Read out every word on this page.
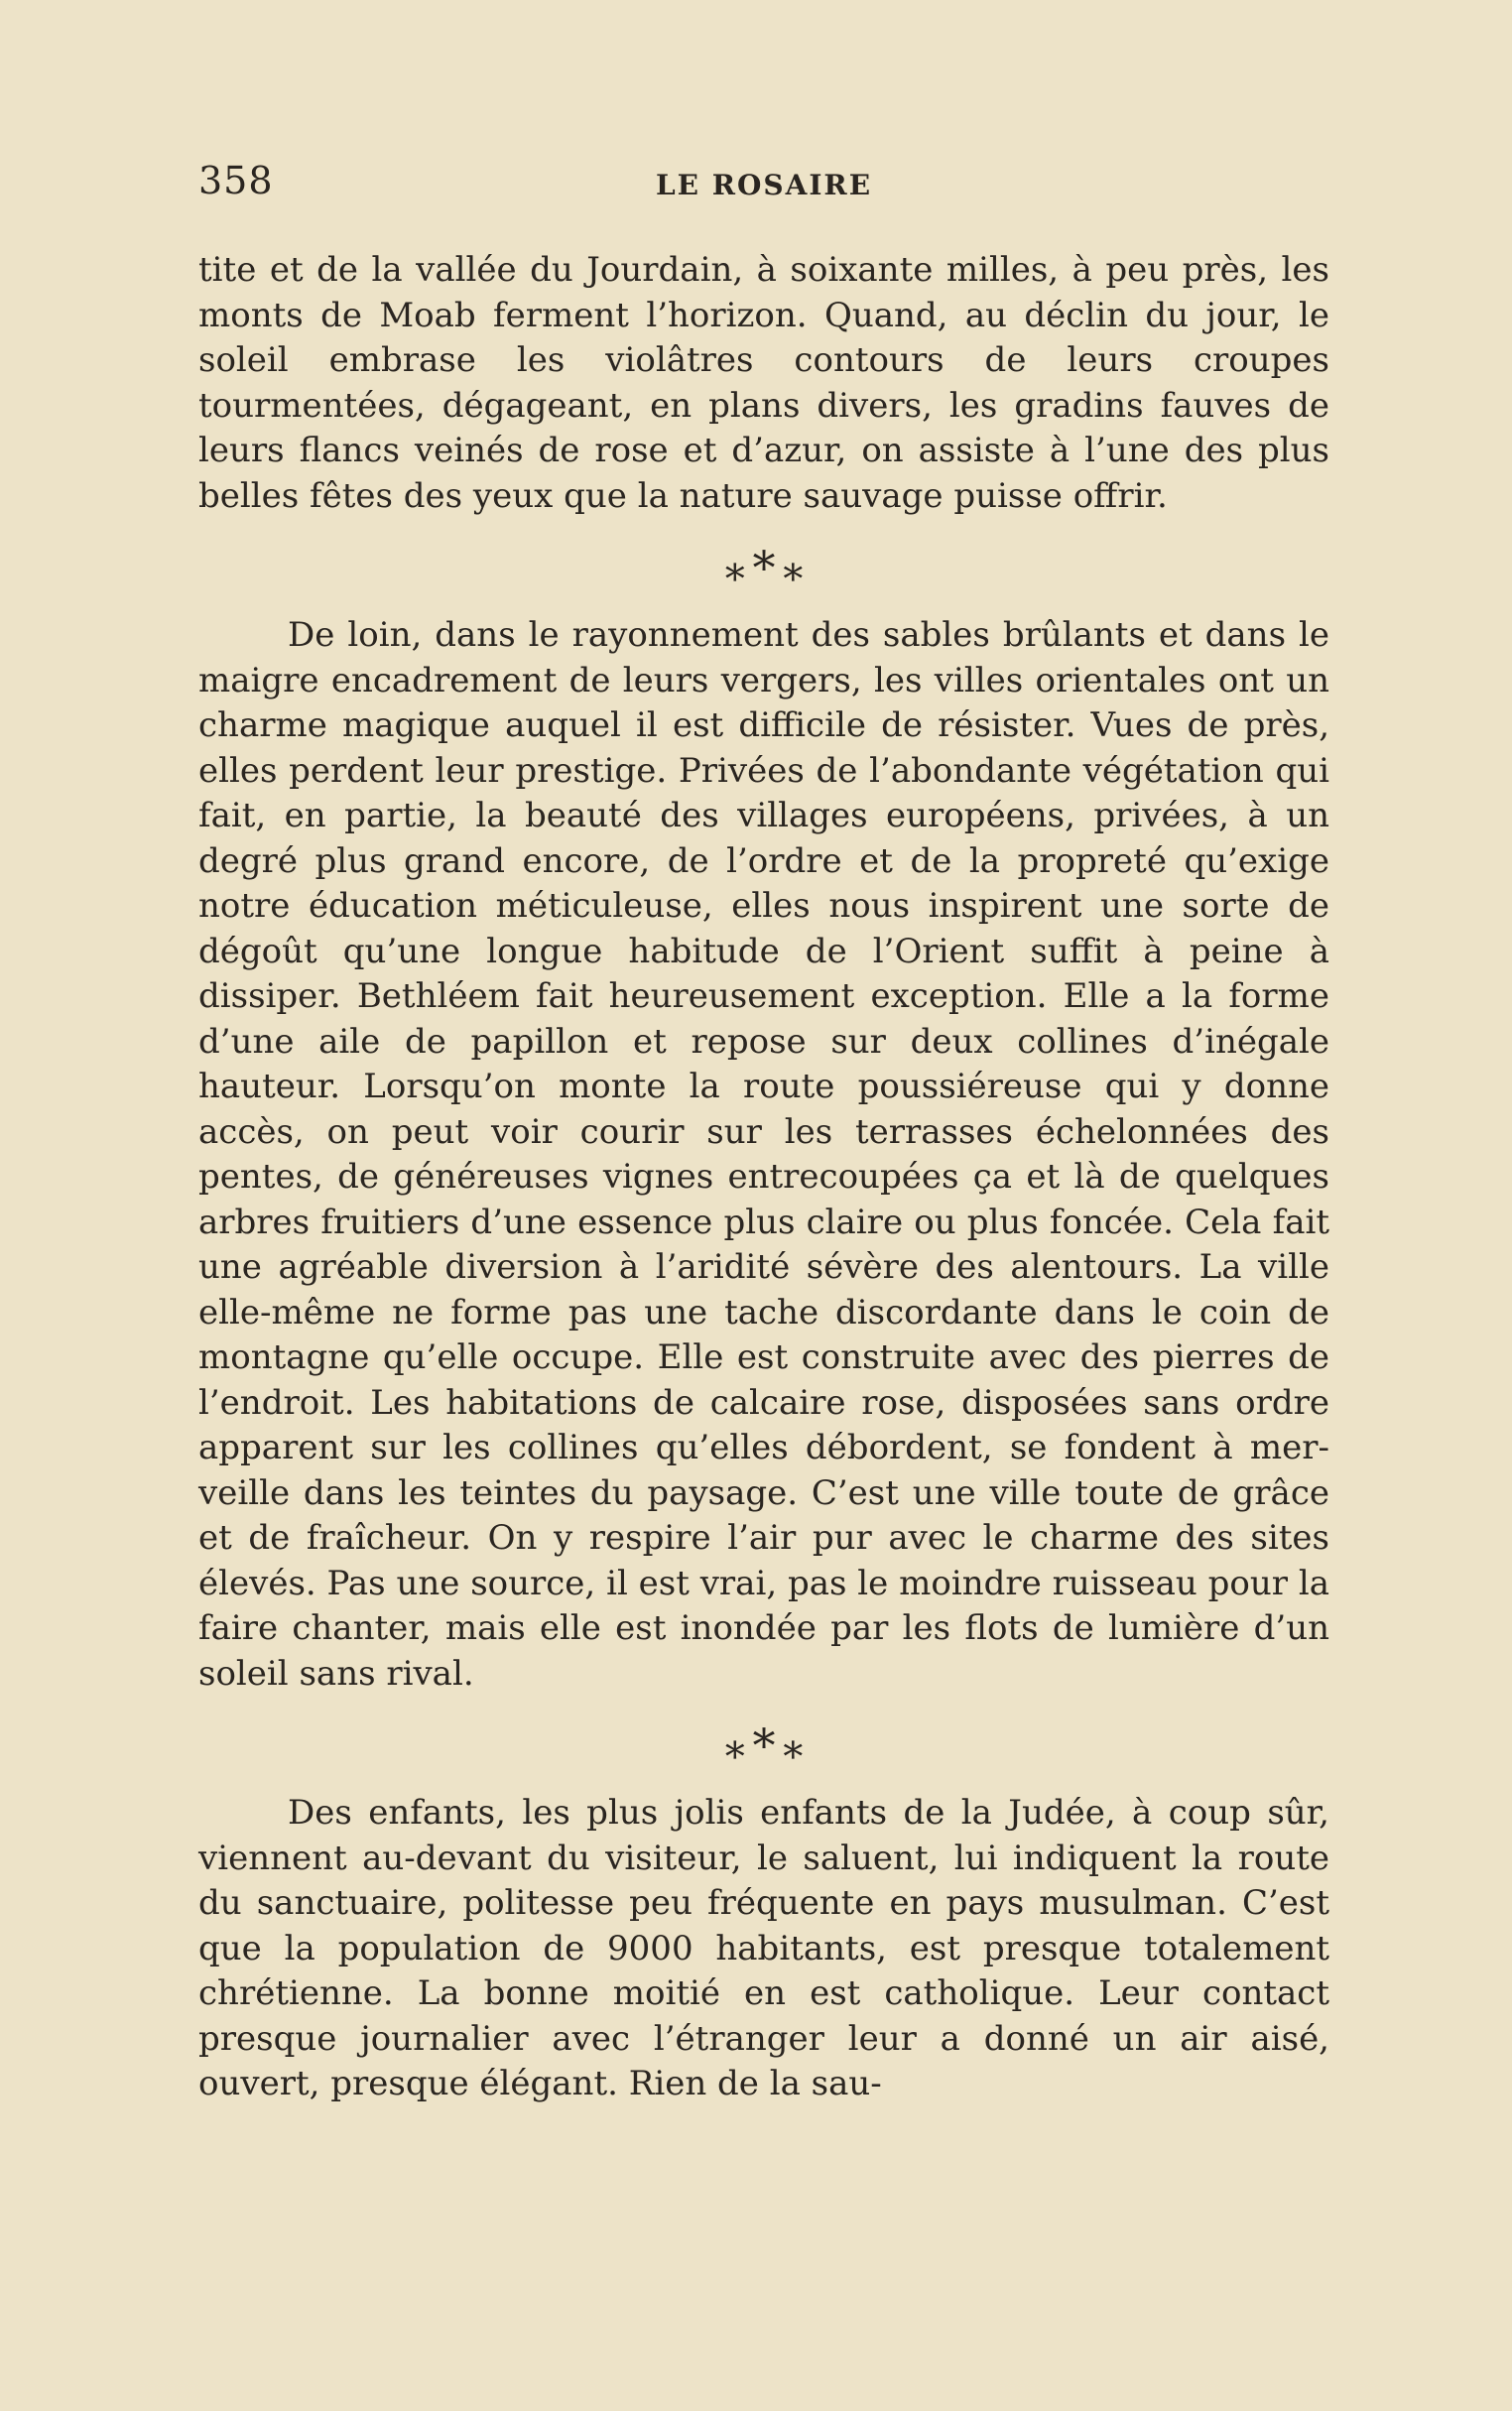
358	LE ROSAIRE

tite et de la vallée du Jourdain, à soixante milles, à peu près, les monts de Moab ferment l’horizon. Quand, au déclin du jour, le soleil embrase les violâtres contours de leurs croupes tourmentées, dégageant, en plans divers, les gradins fauves de leurs flancs veinés de rose et d’azur, on assiste à l’une des plus belles fêtes des yeux que la nature sauvage puisse offrir.

∗∗∗

De loin, dans le rayonnement des sables brûlants et dans le maigre encadrement de leurs vergers, les villes orientales ont un charme magique auquel il est difficile de résister. Vues de près, elles perdent leur prestige. Privées de l’abondante végétation qui fait, en partie, la beauté des villages européens, privées, à un degré plus grand encore, de l’ordre et de la propreté qu’exige notre éducation méticuleuse, elles nous inspirent une sorte de dégoût qu’une longue habitude de l’Orient suffit à peine à dissiper. Bethléem fait heureusement exception. Elle a la forme d’une aile de papillon et repose sur deux collines d’inégale hauteur. Lorsqu’on monte la route poussiéreuse qui y donne accès, on peut voir courir sur les terrasses échelonnées des pentes, de généreuses vignes entrecoupées ça et là de quelques arbres fruitiers d’une essence plus claire ou plus foncée. Cela fait une agréable diversion à l’aridité sévère des alentours. La ville elle-même ne forme pas une tache discordante dans le coin de montagne qu’elle occupe. Elle est construite avec des pierres de l’endroit. Les habitations de calcaire rose, disposées sans ordre apparent sur les collines qu’elles débordent, se fondent à merveille dans les teintes du paysage. C’est une ville toute de grâce et de fraîcheur. On y respire l’air pur avec le charme des sites élevés. Pas une source, il est vrai, pas le moindre ruisseau pour la faire chanter, mais elle est inondée par les flots de lumière d’un soleil sans rival.

∗∗∗

Des enfants, les plus jolis enfants de la Judée, à coup sûr, viennent au-devant du visiteur, le saluent, lui indiquent la route du sanctuaire, politesse peu fréquente en pays musulman. C’est que la population de 9000 habitants, est presque totalement chrétienne. La bonne moitié en est catholique. Leur contact presque journalier avec l’étranger leur a donné un air aisé, ouvert, presque élégant. Rien de la sau-
